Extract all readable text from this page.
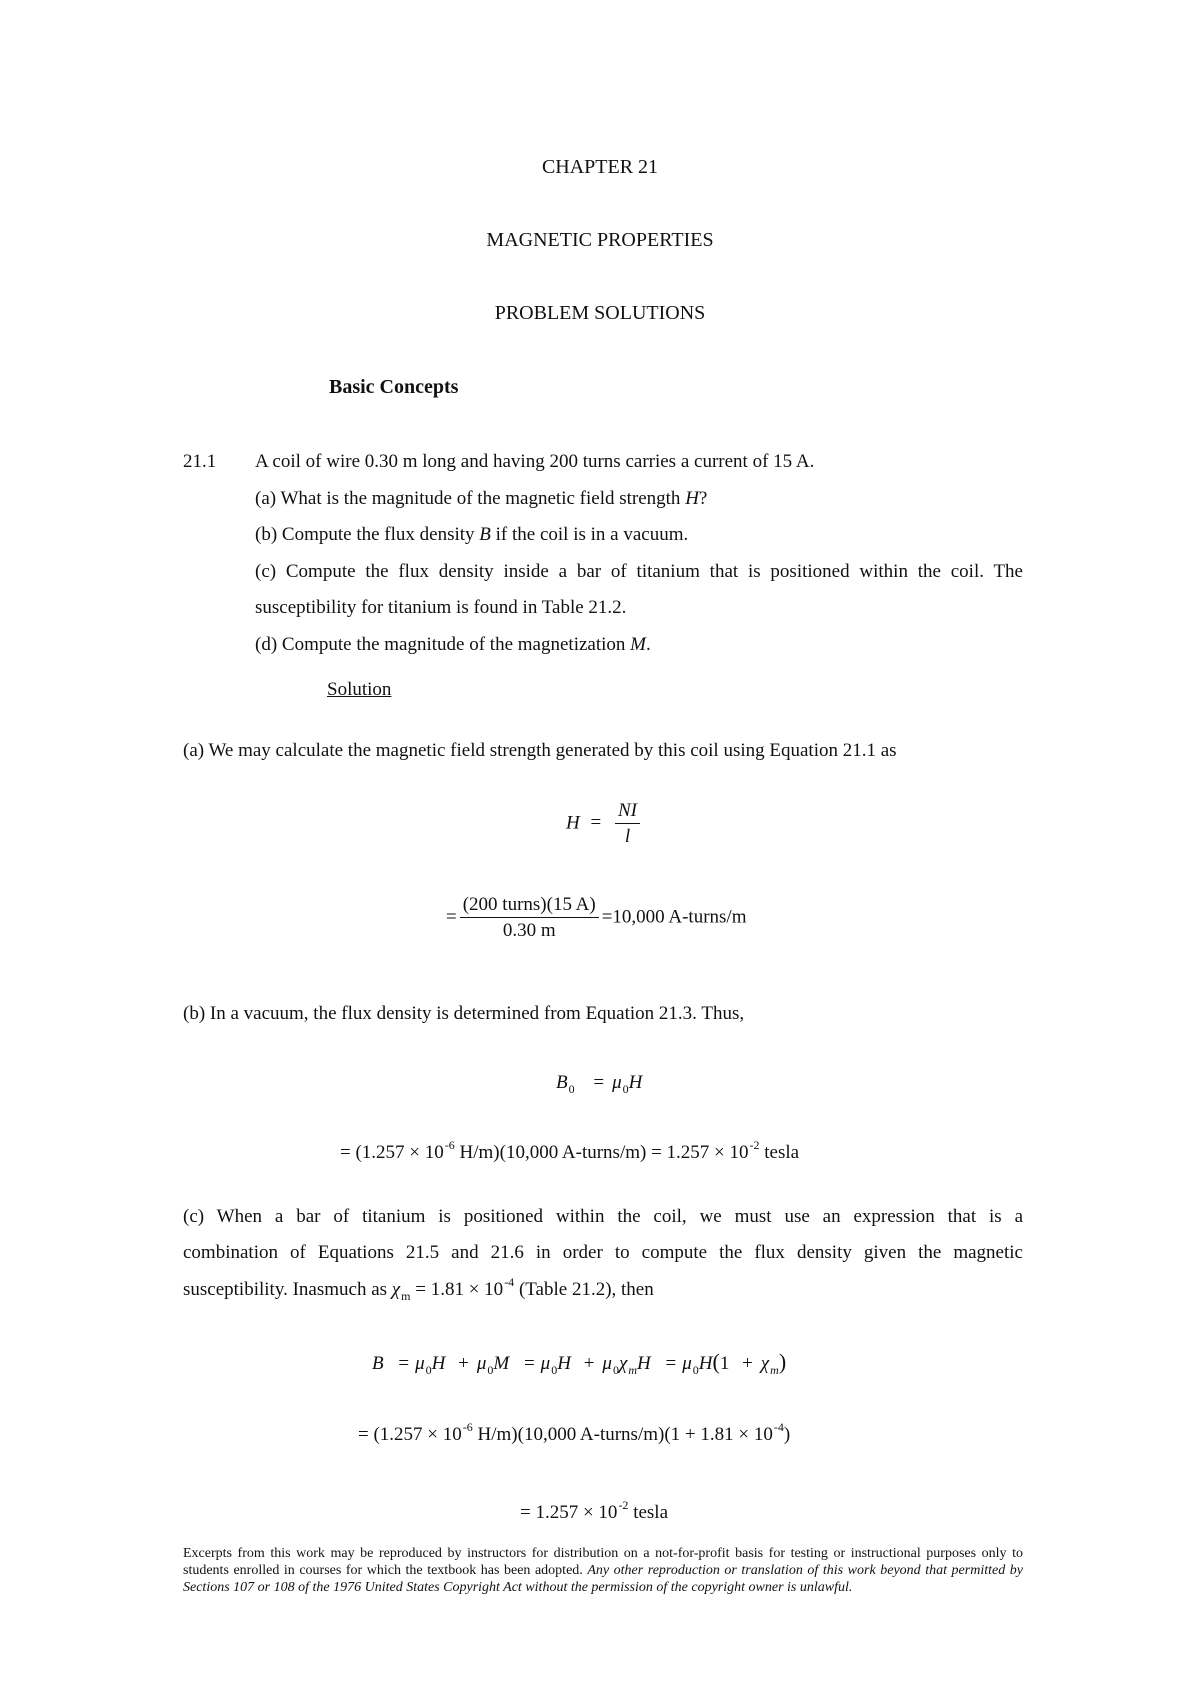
CHAPTER 21
MAGNETIC PROPERTIES
PROBLEM SOLUTIONS
Basic Concepts
21.1 A coil of wire 0.30 m long and having 200 turns carries a current of 15 A.
(a) What is the magnitude of the magnetic field strength H?
(b) Compute the flux density B if the coil is in a vacuum.
(c) Compute the flux density inside a bar of titanium that is positioned within the coil. The
susceptibility for titanium is found in Table 21.2.
(d) Compute the magnitude of the magnetization M.
Solution
(a) We may calculate the magnetic field strength generated by this coil using Equation 21.1 as
$H = \frac{NI}{l}$
= $\frac{\text{(200 turns)(15 A)}}{0.30 m} =10,000$ A-turns/m
(b) In a vacuum, the flux density is determined from Equation 21.3. Thus,
$B_0 = \mu_0H$
= ($1.257 \times 10^{-6}$ H/m)(10,000 A-turns/m) = $1.257 \times 10^{-2}$ tesla
(c) When a bar of titanium is positioned within the coil, we must use an expression that is a
combination of Equations 21.5 and 21.6 in order to compute the flux density given the magnetic
susceptibility. Inasmuch as $\chi_m = 1.81 \times 10^{-4}$ (Table 21.2), then
$B = \mu_0H + \mu_0M = \mu_0H + \mu_0\chi_mH = \mu_0H(1 + \chi_m)$
= ($1.257 \times 10^{-6}$ H/m)(10,000 A-turns/m)(1 + $1.81 \times 10^{-4}$)
= $1.257 \times 10^{-2}$ tesla

Excerpts from this work may be reproduced by instructors for distribution on a not-for-profit basis for testing or instructional purposes only to students enrolled in courses for which the textbook has been adopted. Any other reproduction or translation of this work beyond that permitted by Sections 107 or 108 of the 1976 United States Copyright Act without the permission of the copyright owner is unlawful.
